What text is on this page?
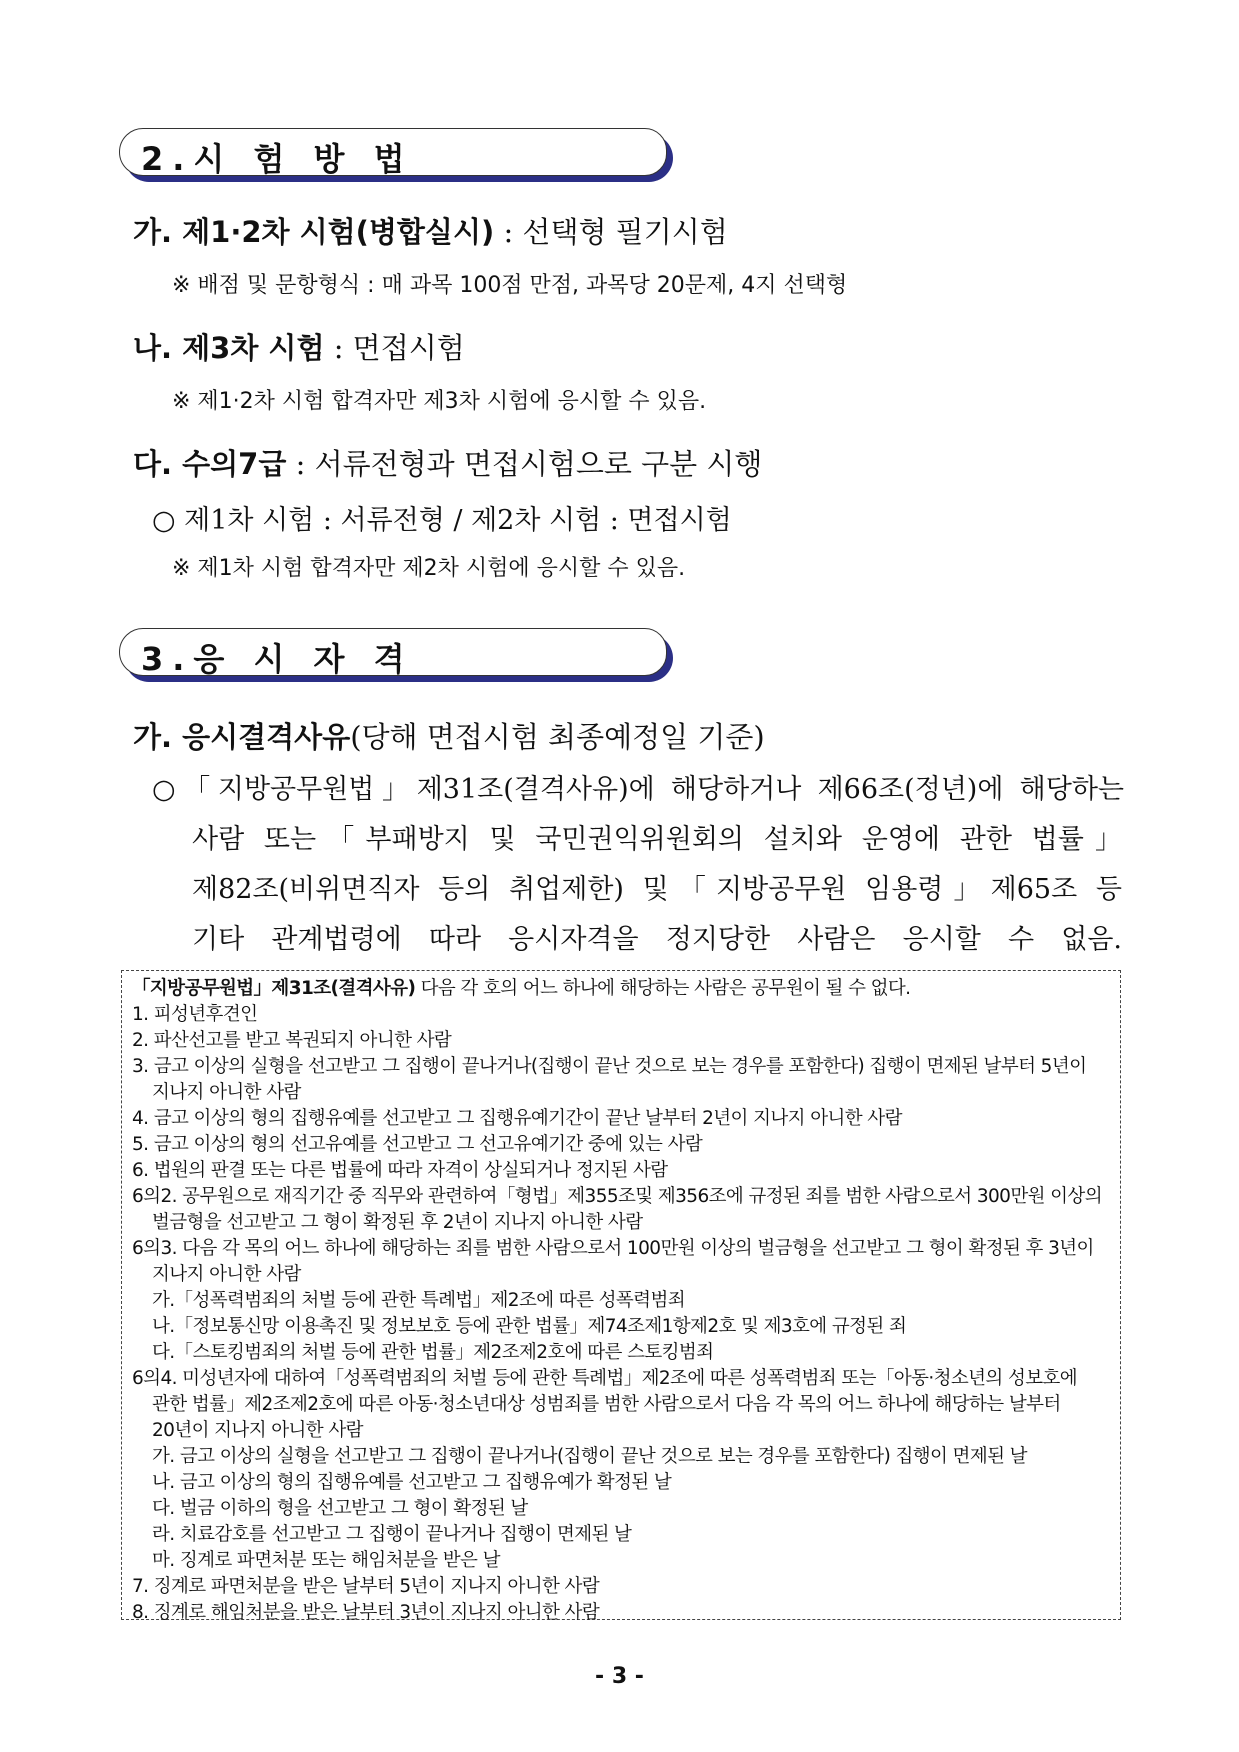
2.시 험 방 법
가. 제1·2차 시험(병합실시) : 선택형 필기시험
※ 배점 및 문항형식 : 매 과목 100점 만점, 과목당 20문제, 4지 선택형
나. 제3차 시험 : 면접시험
※ 제1·2차 시험 합격자만 제3차 시험에 응시할 수 있음.
다. 수의7급 : 서류전형과 면접시험으로 구분 시행
○ 제1차 시험 : 서류전형 / 제2차 시험 : 면접시험
※ 제1차 시험 합격자만 제2차 시험에 응시할 수 있음.
3.응 시 자 격
가. 응시결격사유(당해 면접시험 최종예정일 기준)
○「지방공무원법」제31조(결격사유)에 해당하거나 제66조(정년)에 해당하는
사람 또는「부패방지 및 국민권익위원회의 설치와 운영에 관한 법률」
제82조(비위면직자 등의 취업제한) 및「지방공무원 임용령」제65조 등
기타 관계법령에 따라 응시자격을 정지당한 사람은 응시할 수 없음.
「지방공무원법」제31조(결격사유) 다음 각 호의 어느 하나에 해당하는 사람은 공무원이 될 수 없다.
1. 피성년후견인
2. 파산선고를 받고 복권되지 아니한 사람
3. 금고 이상의 실형을 선고받고 그 집행이 끝나거나(집행이 끝난 것으로 보는 경우를 포함한다) 집행이 면제된 날부터 5년이
지나지 아니한 사람
4. 금고 이상의 형의 집행유예를 선고받고 그 집행유예기간이 끝난 날부터 2년이 지나지 아니한 사람
5. 금고 이상의 형의 선고유예를 선고받고 그 선고유예기간 중에 있는 사람
6. 법원의 판결 또는 다른 법률에 따라 자격이 상실되거나 정지된 사람
6의2. 공무원으로 재직기간 중 직무와 관련하여「형법」제355조및 제356조에 규정된 죄를 범한 사람으로서 300만원 이상의
벌금형을 선고받고 그 형이 확정된 후 2년이 지나지 아니한 사람
6의3. 다음 각 목의 어느 하나에 해당하는 죄를 범한 사람으로서 100만원 이상의 벌금형을 선고받고 그 형이 확정된 후 3년이
지나지 아니한 사람
가.「성폭력범죄의 처벌 등에 관한 특례법」제2조에 따른 성폭력범죄
나.「정보통신망 이용촉진 및 정보보호 등에 관한 법률」제74조제1항제2호 및 제3호에 규정된 죄
다.「스토킹범죄의 처벌 등에 관한 법률」제2조제2호에 따른 스토킹범죄
6의4. 미성년자에 대하여「성폭력범죄의 처벌 등에 관한 특례법」제2조에 따른 성폭력범죄 또는「아동·청소년의 성보호에
관한 법률」제2조제2호에 따른 아동·청소년대상 성범죄를 범한 사람으로서 다음 각 목의 어느 하나에 해당하는 날부터
20년이 지나지 아니한 사람
가. 금고 이상의 실형을 선고받고 그 집행이 끝나거나(집행이 끝난 것으로 보는 경우를 포함한다) 집행이 면제된 날
나. 금고 이상의 형의 집행유예를 선고받고 그 집행유예가 확정된 날
다. 벌금 이하의 형을 선고받고 그 형이 확정된 날
라. 치료감호를 선고받고 그 집행이 끝나거나 집행이 면제된 날
마. 징계로 파면처분 또는 해임처분을 받은 날
7. 징계로 파면처분을 받은 날부터 5년이 지나지 아니한 사람
8. 징계로 해임처분을 받은 날부터 3년이 지나지 아니한 사람
- 3 -
